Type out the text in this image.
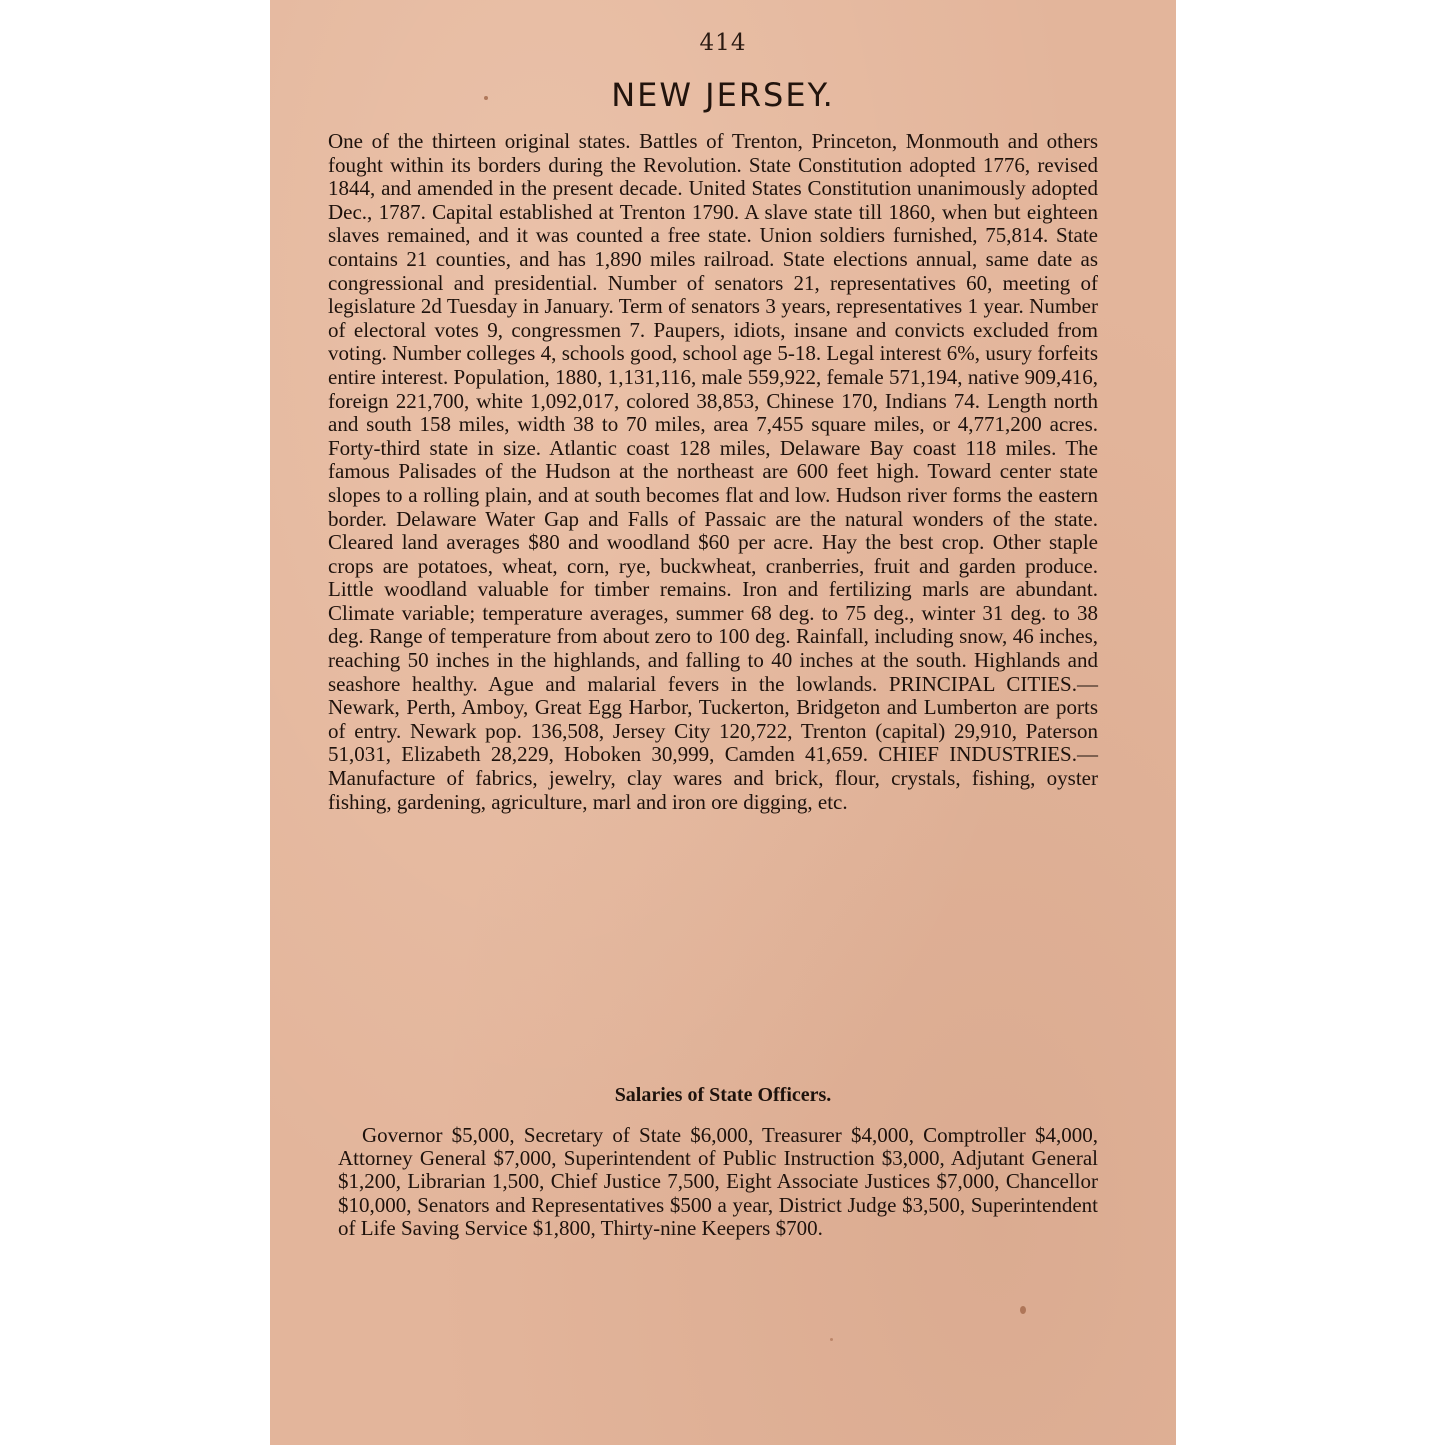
414
NEW JERSEY.

One of the thirteen original states. Battles of Trenton, Princeton, Monmouth and others fought within its borders during the Revolution. State Constitution adopted 1776, revised 1844, and amended in the present decade. United States Constitution unanimously adopted Dec., 1787. Capital established at Trenton 1790. A slave state till 1860, when but eighteen slaves remained, and it was counted a free state. Union soldiers furnished, 75,814. State contains 21 counties, and has 1,890 miles railroad. State elections annual, same date as congressional and presidential. Number of senators 21, representatives 60, meeting of legislature 2d Tuesday in January. Term of senators 3 years, representatives 1 year. Number of electoral votes 9, congressmen 7. Paupers, idiots, insane and convicts excluded from voting. Number colleges 4, schools good, school age 5-18. Legal interest 6%, usury forfeits entire interest. Population, 1880, 1,131,116, male 559,922, female 571,194, native 909,416, foreign 221,700, white 1,092,017, colored 38,853, Chinese 170, Indians 74. Length north and south 158 miles, width 38 to 70 miles, area 7,455 square miles, or 4,771,200 acres. Forty-third state in size. Atlantic coast 128 miles, Delaware Bay coast 118 miles. The famous Palisades of the Hudson at the northeast are 600 feet high. Toward center state slopes to a rolling plain, and at south becomes flat and low. Hudson river forms the eastern border. Delaware Water Gap and Falls of Passaic are the natural wonders of the state. Cleared land averages $80 and woodland $60 per acre. Hay the best crop. Other staple crops are potatoes, wheat, corn, rye, buckwheat, cranberries, fruit and garden produce. Little woodland valuable for timber remains. Iron and fertilizing marls are abundant. Climate variable; temperature averages, summer 68 deg. to 75 deg., winter 31 deg. to 38 deg. Range of temperature from about zero to 100 deg. Rainfall, including snow, 46 inches, reaching 50 inches in the highlands, and falling to 40 inches at the south. Highlands and seashore healthy. Ague and malarial fevers in the lowlands. PRINCIPAL CITIES.—Newark, Perth, Amboy, Great Egg Harbor, Tuckerton, Bridgeton and Lumberton are ports of entry. Newark pop. 136,508, Jersey City 120,722, Trenton (capital) 29,910, Paterson 51,031, Elizabeth 28,229, Hoboken 30,999, Camden 41,659. CHIEF INDUSTRIES.—Manufacture of fabrics, jewelry, clay wares and brick, flour, crystals, fishing, oyster fishing, gardening, agriculture, marl and iron ore digging, etc.

Salaries of State Officers.

Governor $5,000, Secretary of State $6,000, Treasurer $4,000, Comptroller $4,000, Attorney General $7,000, Superintendent of Public Instruction $3,000, Adjutant General $1,200, Librarian 1,500, Chief Justice 7,500, Eight Associate Justices $7,000, Chancellor $10,000, Senators and Representatives $500 a year, District Judge $3,500, Superintendent of Life Saving Service $1,800, Thirty-nine Keepers $700.
